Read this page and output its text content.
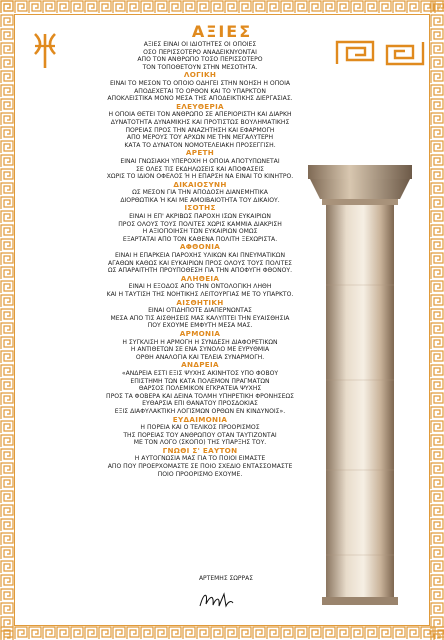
ΑΞΙΕΣ

ΑΞΙΕΣ ΕΙΝΑΙ ΟΙ ΙΔΙΟΤΗΤΕΣ ΟΙ ΟΠΟΙΕΣ

ΟΣΟ ΠΕΡΙΣΣΟΤΕΡΟ ΑΝΑΔΕΙΚΝΥΟΝΤΑΙ

ΑΠΟ ΤΟΝ ΑΝΘΡΩΠΟ ΤΟΣΟ ΠΕΡΙΣΣΟΤΕΡΟ

ΤΟΝ ΤΟΠΟΘΕΤΟΥΝ ΣΤΗΝ ΜΕΣΟΤΗΤΑ.

ΛΟΓΙΚΗ

ΕΙΝΑΙ ΤΟ ΜΕΣΟΝ ΤΟ ΟΠΟΙΟ ΟΔΗΓΕΙ ΣΤΗΝ ΝΟΗΣΗ Η ΟΠΟΙΑ

ΑΠΟΔΕΧΕΤΑΙ ΤΟ ΟΡΘΟΝ ΚΑΙ ΤΟ ΥΠΑΡΚΤΟΝ

ΑΠΟΚΛΕΙΣΤΙΚΑ ΜΟΝΟ ΜΕΣΑ ΤΗΣ ΑΠΟΔΕΙΚΤΙΚΗΣ ΔΙΕΡΓΑΣΙΑΣ.

ΕΛΕΥΘΕΡΙΑ

Η ΟΠΟΙΑ ΘΕΤΕΙ ΤΟΝ ΑΝΘΡΩΠΟ ΣΕ ΑΠΕΡΙΟΡΙΣΤΗ ΚΑΙ ΔΙΑΡΚΗ

ΔΥΝΑΤΟΤΗΤΑ ΔΥΝΑΜΙΚΗΣ ΚΑΙ ΠΡΟΤΙΣΤΩΣ ΒΟΥΛΗΜΑΤΙΚΗΣ

ΠΟΡΕΙΑΣ ΠΡΟΣ ΤΗΝ ΑΝΑΖΗΤΗΣΗ ΚΑΙ ΕΦΑΡΜΟΓΗ

ΑΠΟ ΜΕΡΟΥΣ ΤΟΥ ΑΡΧΩΝ ΜΕ ΤΗΝ ΜΕΓΑΛΥΤΕΡΗ

ΚΑΤΑ ΤΟ ΔΥΝΑΤΟΝ ΝΟΜΟΤΕΛΕΙΑΚΗ ΠΡΟΣΕΓΓΙΣΗ.

ΑΡΕΤΗ

ΕΙΝΑΙ ΓΝΩΣΙΑΚΗ ΥΠΕΡΟΧΗ Η ΟΠΟΙΑ ΑΠΟΤΥΠΩΝΕΤΑΙ

ΣΕ ΟΛΕΣ ΤΙΣ ΕΚΔΗΛΩΣΕΙΣ ΚΑΙ ΑΠΟΦΑΣΕΙΣ

ΧΩΡΙΣ ΤΟ ΙΔΙΟΝ ΟΦΕΛΟΣ Ή Η ΕΠΑΡΣΗ ΝΑ ΕΙΝΑΙ ΤΟ ΚΙΝΗΤΡΟ.

ΔΙΚΑΙΟΣΥΝΗ

ΩΣ ΜΕΣΟΝ ΓΙΑ ΤΗΝ ΑΠΟΔΟΣΗ ΔΙΑΝΕΜΗΤΙΚΑ

ΔΙΟΡΘΩΤΙΚΑ Ή ΚΑΙ ΜΕ ΑΜΟΙΒΑΙΟΤΗΤΑ ΤΟΥ ΔΙΚΑΙΟΥ.

ΙΣΟΤΗΣ

ΕΙΝΑΙ Η ΕΠ' ΑΚΡΙΒΩΣ ΠΑΡΟΧΗ ΙΣΩΝ ΕΥΚΑΙΡΙΩΝ

ΠΡΟΣ ΟΛΟΥΣ ΤΟΥΣ ΠΟΛΙΤΕΣ ΧΩΡΙΣ ΚΑΜΜΙΑ ΔΙΑΚΡΙΣΗ

Η ΑΞΙΟΠΟΙΗΣΗ ΤΩΝ ΕΥΚΑΙΡΙΩΝ ΟΜΩΣ

ΕΞΑΡΤΑΤΑΙ ΑΠΟ ΤΟΝ ΚΑΘΕΝΑ ΠΟΛΙΤΗ ΞΕΧΩΡΙΣΤΑ.

ΑΦΘΟΝΙΑ

ΕΙΝΑΙ Η ΕΠΑΡΚΕΙΑ ΠΑΡΟΧΗΣ ΥΛΙΚΩΝ ΚΑΙ ΠΝΕΥΜΑΤΙΚΩΝ

ΑΓΑΘΩΝ ΚΑΘΩΣ ΚΑΙ ΕΥΚΑΙΡΙΩΝ ΠΡΟΣ ΟΛΟΥΣ ΤΟΥΣ ΠΟΛΙΤΕΣ

ΩΣ ΑΠΑΡΑΙΤΗΤΗ ΠΡΟΥΠΟΘΕΣΗ ΓΙΑ ΤΗΝ ΑΠΟΦΥΓΗ ΦΘΟΝΟΥ.

ΑΛΗΘΕΙΑ

ΕΙΝΑΙ Η ΕΞΟΔΟΣ ΑΠΟ ΤΗΝ ΟΝΤΟΛΟΓΙΚΗ ΛΗΘΗ

ΚΑΙ Η ΤΑΥΤΙΣΗ ΤΗΣ ΝΟΗΤΙΚΗΣ ΛΕΙΤΟΥΡΓΙΑΣ ΜΕ ΤΟ ΥΠΑΡΚΤΟ.

ΑΙΣΘΗΤΙΚΗ

ΕΙΝΑΙ ΟΤΙΔΗΠΟΤΕ ΔΙΑΠΕΡΝΩΝΤΑΣ

ΜΕΣΑ ΑΠΟ ΤΙΣ ΑΙΣΘΗΣΕΙΣ ΜΑΣ ΚΑΛΥΠΤΕΙ ΤΗΝ ΕΥΑΙΣΘΗΣΙΑ

ΠΟΥ ΕΧΟΥΜΕ ΕΜΦΥΤΗ ΜΕΣΑ ΜΑΣ.

ΑΡΜΟΝΙΑ

Η ΣΥΓΚΛΙΣΗ Η ΑΡΜΟΓΗ Η ΣΥΝΔΕΣΗ ΔΙΑΦΟΡΕΤΙΚΩΝ

Η ΑΝΤΙΘΕΤΩΝ ΣΕ ΕΝΑ ΣΥΝΟΛΟ ΜΕ ΕΥΡΥΘΜΙΑ

ΟΡΘΗ ΑΝΑΛΟΓΙΑ ΚΑΙ ΤΕΛΕΙΑ ΣΥΝΑΡΜΟΓΗ.

ΑΝΔΡΕΙΑ

«ΑΝΔΡΕΙΑ ΕΣΤΙ ΕΞΙΣ ΨΥΧΗΣ ΑΚΙΝΗΤΟΣ ΥΠΟ ΦΟΒΟΥ

ΕΠΙΣΤΗΜΗ ΤΩΝ ΚΑΤΑ ΠΟΛΕΜΟΝ ΠΡΑΓΜΑΤΩΝ

ΘΑΡΣΟΣ ΠΟΛΕΜΙΚΟΝ ΕΓΚΡΑΤΕΙΑ ΨΥΧΗΣ

ΠΡΟΣ ΤΑ ΦΟΒΕΡΑ ΚΑΙ ΔΕΙΝΑ ΤΟΛΜΗ ΥΠΗΡΕΤΙΚΗ ΦΡΟΝΗΣΕΩΣ

ΕΥΘΑΡΣΙΑ ΕΠΙ ΘΑΝΑΤΟΥ ΠΡΟΣΔΟΚΙΑΣ

ΕΞΙΣ ΔΙΑΦΥΛΑΚΤΙΚΗ ΛΟΓΙΣΜΩΝ ΟΡΘΩΝ ΕΝ ΚΙΝΔΥΝΟΙΣ».

ΕΥΔΑΙΜΟΝΙΑ

Η ΠΟΡΕΙΑ ΚΑΙ Ο ΤΕΛΙΚΟΣ ΠΡΟΟΡΙΣΜΟΣ

ΤΗΣ ΠΟΡΕΙΑΣ ΤΟΥ ΑΝΘΡΩΠΟΥ ΟΤΑΝ ΤΑΥΤΙΖΟΝΤΑΙ

ΜΕ ΤΟΝ ΛΟΓΟ (ΣΚΟΠΟ) ΤΗΣ ΥΠΑΡΞΗΣ ΤΟΥ.

ΓΝΩΘΙ Σ' ΕΑΥΤΟΝ

Η ΑΥΤΟΓΝΩΣΙΑ ΜΑΣ ΓΙΑ ΤΟ ΠΟΙΟΙ ΕΙΜΑΣΤΕ

ΑΠΟ ΠΟΥ ΠΡΟΕΡΧΟΜΑΣΤΕ ΣΕ ΠΟΙΟ ΣΧΕΔΙΟ ΕΝΤΑΣΣΟΜΑΣΤΕ

ΠΟΙΟ ΠΡΟΟΡΙΣΜΟ ΕΧΟΥΜΕ.

ΑΡΤΕΜΗΣ ΣΩΡΡΑΣ
